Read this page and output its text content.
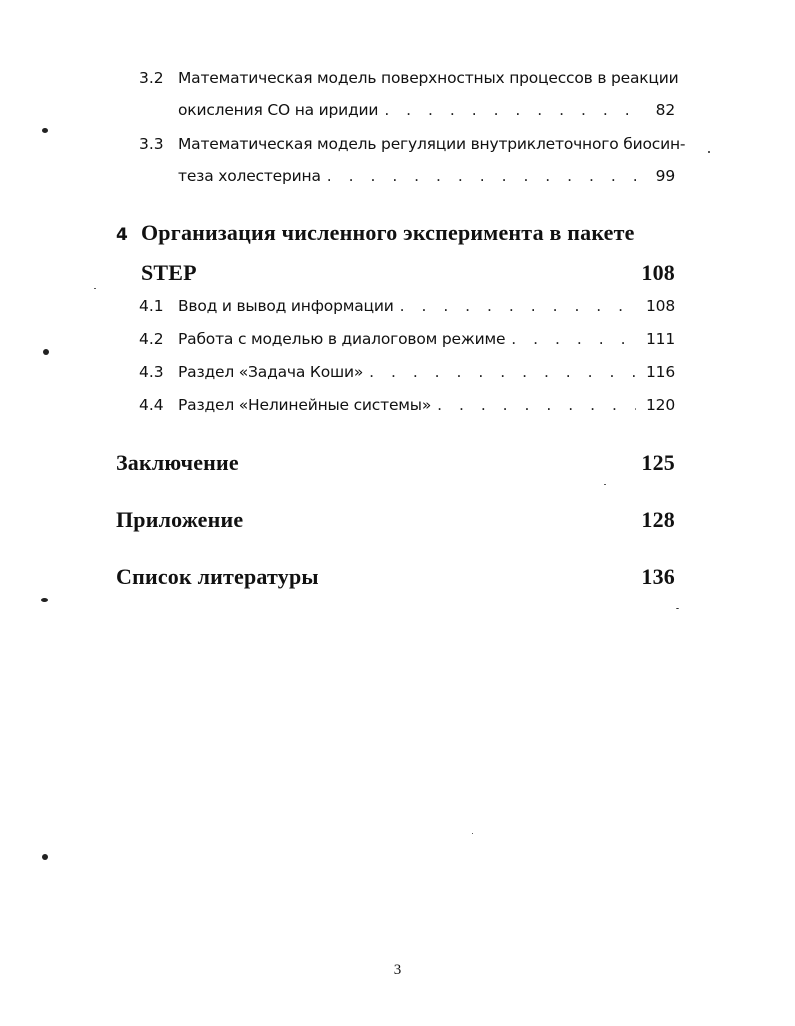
3.2 Математическая модель поверхностных процессов в реакции
окисления СО на иридии . . .	82
3.3 Математическая модель регуляции внутриклеточного биосин-
теза холестерина . . .	99
4 Организация численного эксперимента в пакете
STEP	108
4.1 Ввод и вывод информации . . .	108
4.2 Работа с моделью в диалоговом режиме . . .	111
4.3 Раздел «Задача Коши» . . .	116
4.4 Раздел «Нелинейные системы» . . .	120
Заключение	125
Приложение	128
Список литературы	136
3
